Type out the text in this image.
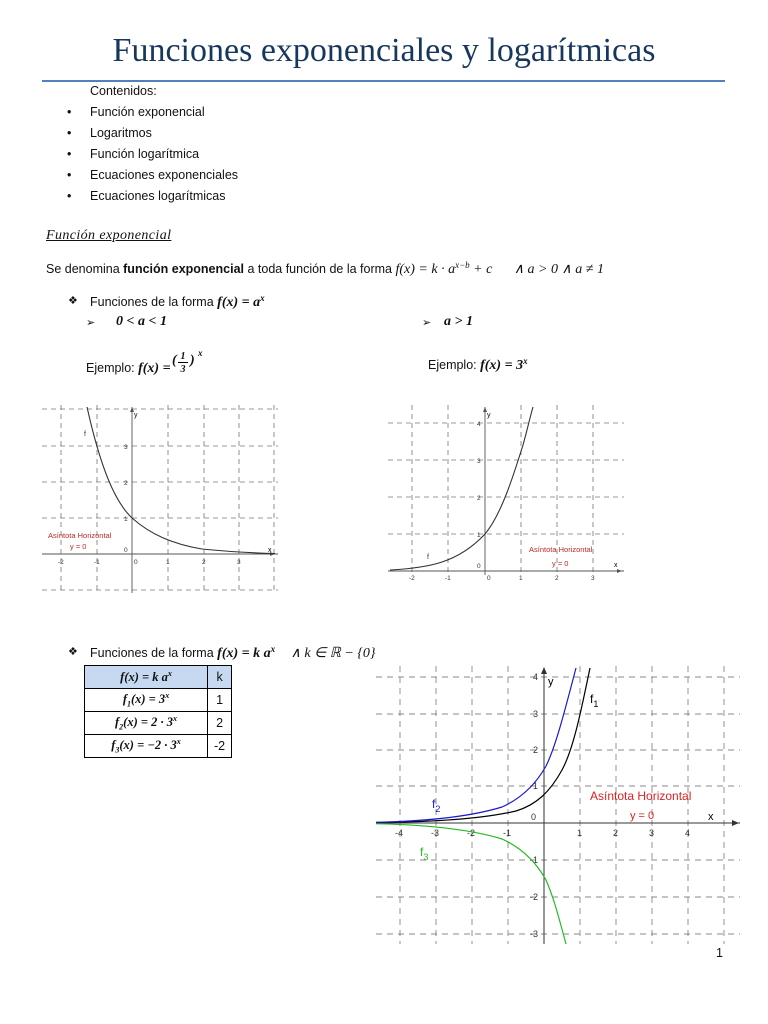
Funciones exponenciales y logarítmicas
Contenidos:
• Función exponencial
• Logaritmos
• Función logarítmica
• Ecuaciones exponenciales
• Ecuaciones logarítmicas
Función exponencial
Se denomina función exponencial a toda función de la forma $f(x) = k \cdot a^{x-b} + c$ ∧ a > 0 ∧ a ≠ 1
❖ Funciones de la forma $f(x) = a^x$
➢ 0 < a < 1	➢ a > 1
Ejemplo: f(x) =
( 1
3
) x
Ejemplo: $f(x) = 3^x$
x
y
-2	-1	0	1	2	3
1
2
3
0
f
Asíntota Horizontal
y = 0
x
y
-2	-1	0	1	2	3
1
2
3
4
0
f
Asíntota Horizontal
y = 0
❖ Funciones de la forma f(x) = k $a^x$ ∧ k ∈ ℝ − {0}
f(x) = k $a^x$	k
$f_1(x) = 3^x$	1
$f_2(x) = 2 \cdot 3^x$	2
$f_3(x) = -2 \cdot 3^x$	-2
x
y
-4	-3	-2	-1
0
1	2	3	4
4
3
2
1
-1
-2
-3
$f_1$
$f_2$
$f_3$
Asíntota Horizontal
y = 0
1
